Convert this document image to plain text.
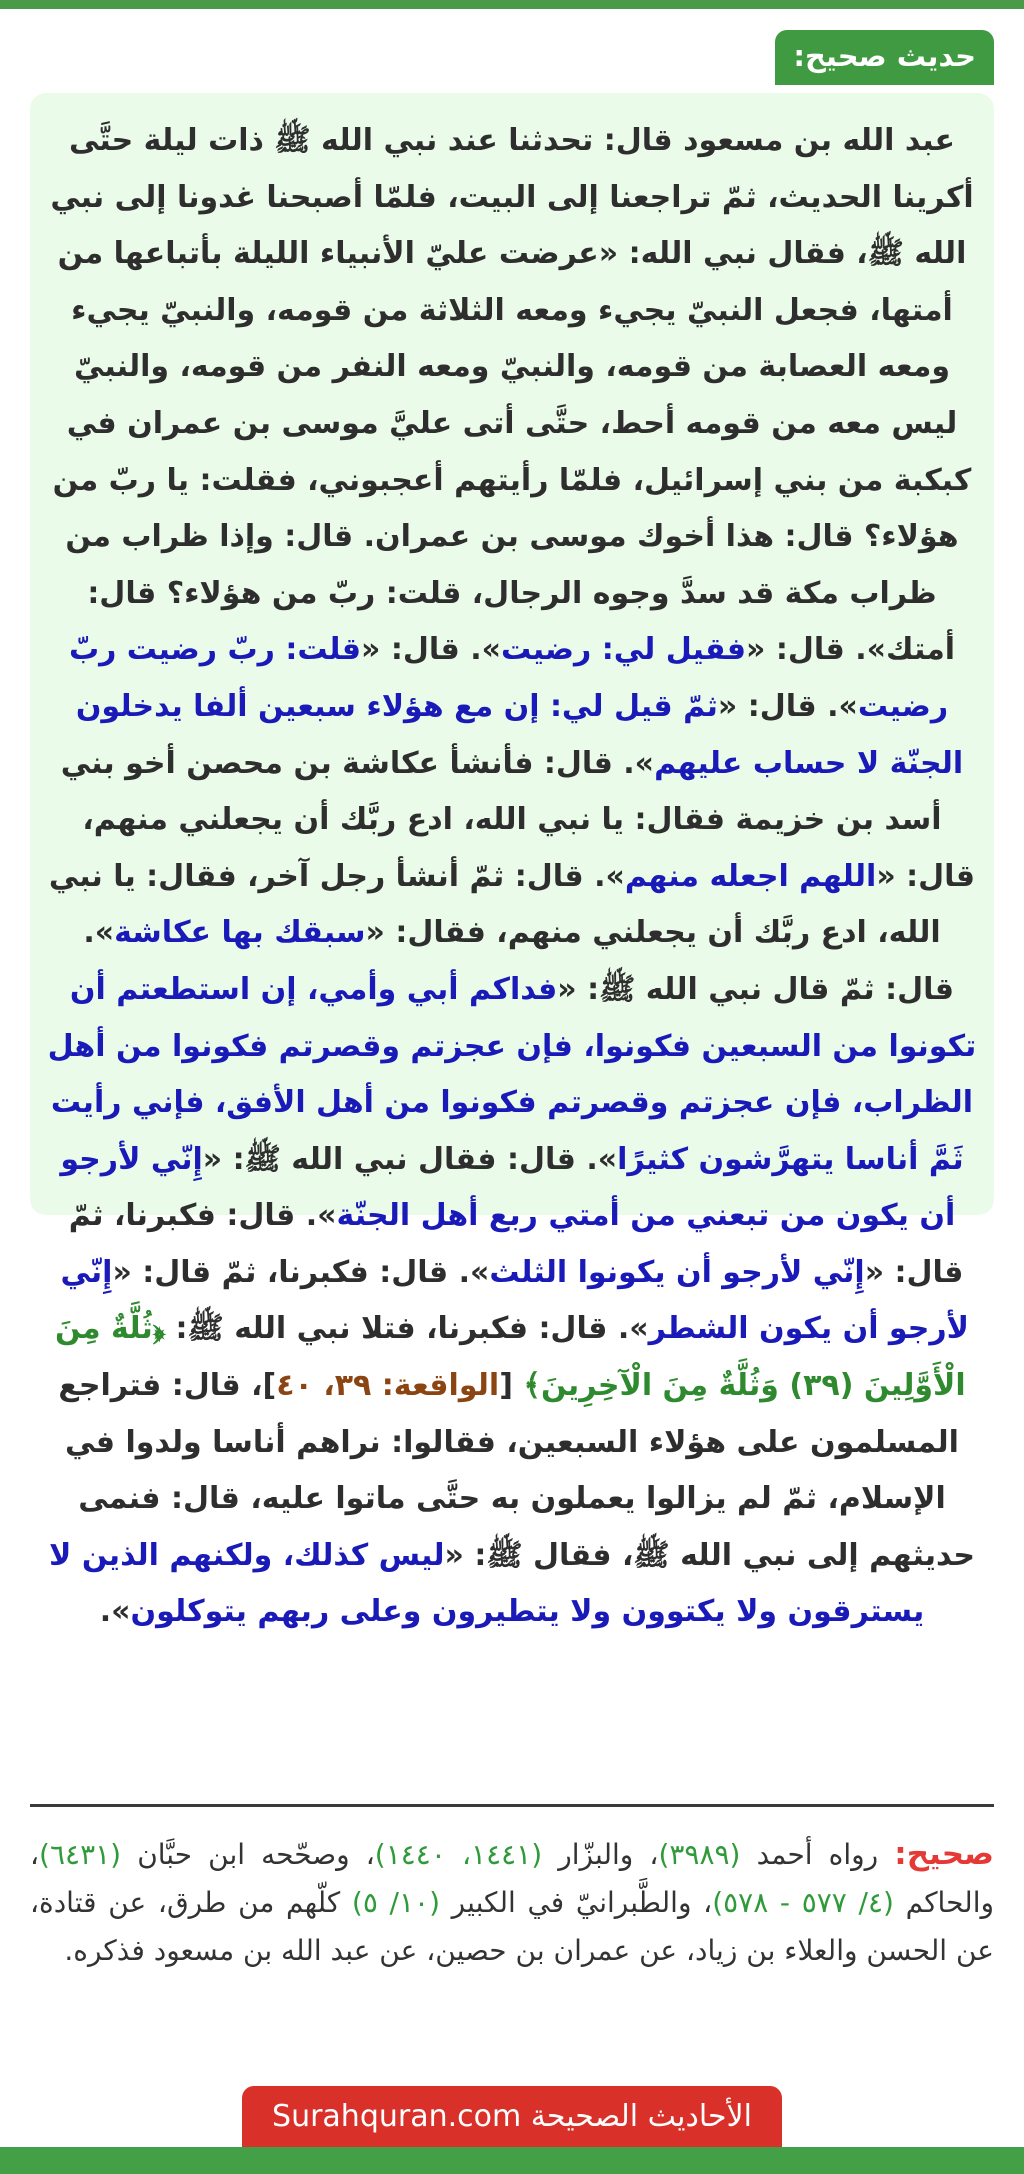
حديث صحيح:

عبد الله بن مسعود قال: تحدثنا عند نبي الله ﷺ ذات ليلة حتَّى أكرينا الحديث، ثمّ تراجعنا إلى البيت، فلمّا أصبحنا غدونا إلى نبي الله ﷺ، فقال نبي الله: «عرضت عليّ الأنبياء الليلة بأتباعها من أمتها، فجعل النبيّ يجيء ومعه الثلاثة من قومه، والنبيّ يجيء ومعه العصابة من قومه، والنبيّ ومعه النفر من قومه، والنبيّ ليس معه من قومه أحط، حتَّى أتى عليَّ موسى بن عمران في كبكبة من بني إسرائيل، فلمّا رأيتهم أعجبوني، فقلت: يا ربّ من هؤلاء؟ قال: هذا أخوك موسى بن عمران. قال: وإذا ظراب من ظراب مكة قد سدَّ وجوه الرجال، قلت: ربّ من هؤلاء؟ قال: أمتك». قال: «فقيل لي: رضيت». قال: «قلت: ربّ رضيت ربّ رضيت». قال: «ثمّ قيل لي: إن مع هؤلاء سبعين ألفا يدخلون الجنّة لا حساب عليهم». قال: فأنشأ عكاشة بن محصن أخو بني أسد بن خزيمة فقال: يا نبي الله، ادع ربَّك أن يجعلني منهم، قال: «اللهم اجعله منهم». قال: ثمّ أنشأ رجل آخر، فقال: يا نبي الله، ادع ربَّك أن يجعلني منهم، فقال: «سبقك بها عكاشة». قال: ثمّ قال نبي الله ﷺ: «فداكم أبي وأمي، إن استطعتم أن تكونوا من السبعين فكونوا، فإن عجزتم وقصرتم فكونوا من أهل الظراب، فإن عجزتم وقصرتم فكونوا من أهل الأفق، فإني رأيت ثَمَّ أناسا يتهرَّشون كثيرًا». قال: فقال نبي الله ﷺ: «إِنّي لأرجو أن يكون من تبعني من أمتي ربع أهل الجنّة». قال: فكبرنا، ثمّ قال: «إِنّي لأرجو أن يكونوا الثلث». قال: فكبرنا، ثمّ قال: «إِنّي لأرجو أن يكون الشطر». قال: فكبرنا، فتلا نبي الله ﷺ: ﴿ثُلَّةٌ مِنَ الْأَوَّلِينَ (٣٩) وَثُلَّةٌ مِنَ الْآخِرِينَ﴾ [الواقعة: ٣٩، ٤٠]، قال: فتراجع المسلمون على هؤلاء السبعين، فقالوا: نراهم أناسا ولدوا في الإسلام، ثمّ لم يزالوا يعملون به حتَّى ماتوا عليه، قال: فنمى حديثهم إلى نبي الله ﷺ، فقال ﷺ: «ليس كذلك، ولكنهم الذين لا يسترقون ولا يكتوون ولا يتطيرون وعلى ربهم يتوكلون».

صحيح: رواه أحمد (٣٩٨٩)، والبزّار (١٤٤١، ١٤٤٠)، وصحّحه ابن حبَّان (٦٤٣١)، والحاكم (٤/ ٥٧٧ - ٥٧٨)، والطَّبرانيّ في الكبير (١٠/ ٥) كلّهم من طرق، عن قتادة، عن الحسن والعلاء بن زياد، عن عمران بن حصين، عن عبد الله بن مسعود فذكره.

الأحاديث الصحيحة Surahquran.com
